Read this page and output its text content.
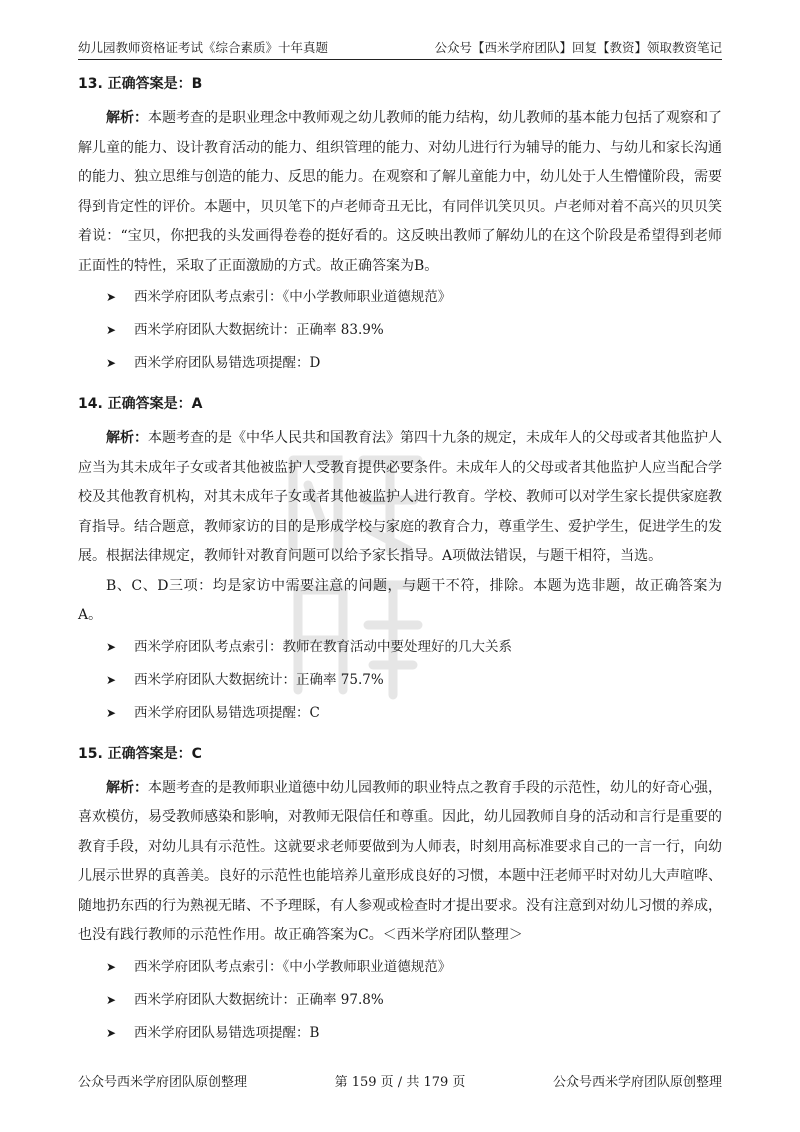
幼儿园教师资格证考试《综合素质》十年真题	公众号【西米学府团队】回复【教资】领取教资笔记
13. 正确答案是：B

解析：本题考查的是职业理念中教师观之幼儿教师的能力结构，幼儿教师的基本能力包括了观察和了解儿童的能力、设计教育活动的能力、组织管理的能力、对幼儿进行行为辅导的能力、与幼儿和家长沟通的能力、独立思维与创造的能力、反思的能力。在观察和了解儿童能力中，幼儿处于人生懵懂阶段，需要得到肯定性的评价。本题中，贝贝笔下的卢老师奇丑无比，有同伴讥笑贝贝。卢老师对着不高兴的贝贝笑着说：“宝贝，你把我的头发画得卷卷的挺好看的。这反映出教师了解幼儿的在这个阶段是希望得到老师正面性的特性，采取了正面激励的方式。故正确答案为B。

➤	西米学府团队考点索引：《中小学教师职业道德规范》
➤	西米学府团队大数据统计：正确率 83.9%
➤	西米学府团队易错选项提醒：D
14. 正确答案是：A

解析：本题考查的是《中华人民共和国教育法》第四十九条的规定，未成年人的父母或者其他监护人应当为其未成年子女或者其他被监护人受教育提供必要条件。未成年人的父母或者其他监护人应当配合学校及其他教育机构，对其未成年子女或者其他被监护人进行教育。学校、教师可以对学生家长提供家庭教育指导。结合题意，教师家访的目的是形成学校与家庭的教育合力，尊重学生、爱护学生，促进学生的发展。根据法律规定，教师针对教育问题可以给予家长指导。A项做法错误，与题干相符，当选。

B、C、D三项：均是家访中需要注意的问题，与题干不符，排除。本题为选非题，故正确答案为A。

➤	西米学府团队考点索引：教师在教育活动中要处理好的几大关系
➤	西米学府团队大数据统计：正确率 75.7%
➤	西米学府团队易错选项提醒：C
15. 正确答案是：C

解析：本题考查的是教师职业道德中幼儿园教师的职业特点之教育手段的示范性，幼儿的好奇心强，喜欢模仿，易受教师感染和影响，对教师无限信任和尊重。因此，幼儿园教师自身的活动和言行是重要的教育手段，对幼儿具有示范性。这就要求老师要做到为人师表，时刻用高标准要求自己的一言一行，向幼儿展示世界的真善美。良好的示范性也能培养儿童形成良好的习惯，本题中汪老师平时对幼儿大声喧哗、随地扔东西的行为熟视无睹、不予理睬，有人参观或检查时才提出要求。没有注意到对幼儿习惯的养成，也没有践行教师的示范性作用。故正确答案为C。＜西米学府团队整理＞

➤	西米学府团队考点索引：《中小学教师职业道德规范》
➤	西米学府团队大数据统计：正确率 97.8%
➤	西米学府团队易错选项提醒：B
公众号西米学府团队原创整理	第 159 页 / 共 179 页	公众号西米学府团队原创整理
